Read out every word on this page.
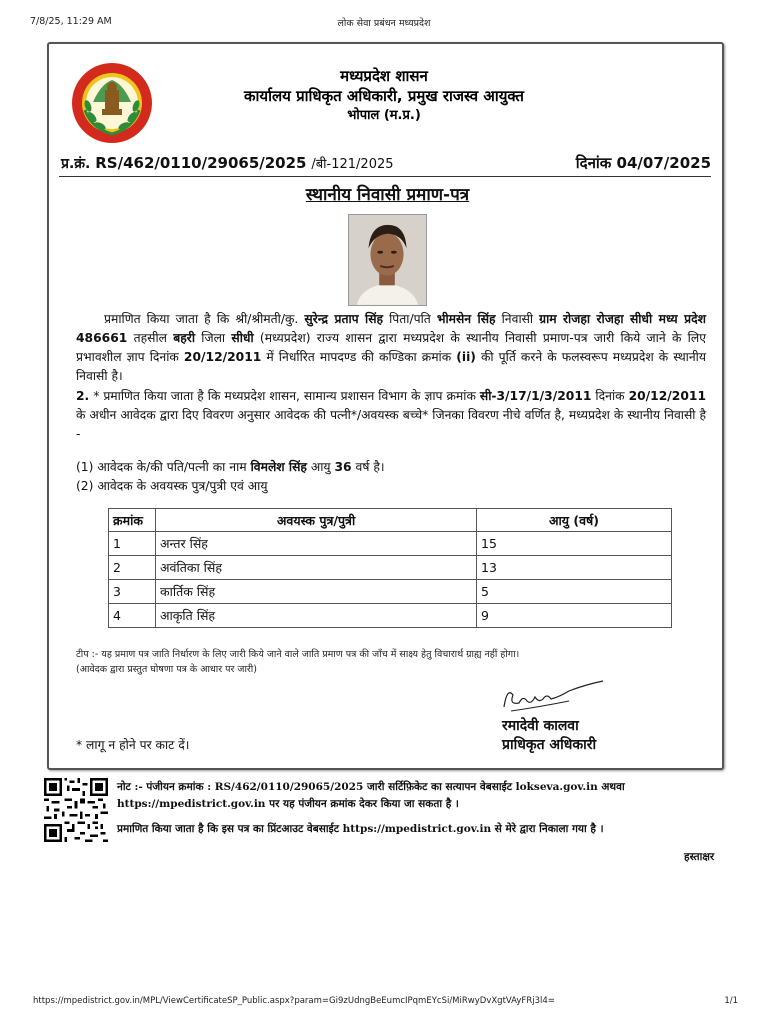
7/8/25, 11:29 AM	लोक सेवा प्रबंधन मध्यप्रदेश
मध्यप्रदेश शासन
कार्यालय प्राधिकृत अधिकारी, प्रमुख राजस्व आयुक्त
भोपाल (म.प्र.)
प्र.क्रं. RS/462/0110/29065/2025 /बी-121/2025	दिनांक 04/07/2025
स्थानीय निवासी प्रमाण-पत्र
प्रमाणित किया जाता है कि श्री/श्रीमती/कु. सुरेन्द्र प्रताप सिंह पिता/पति भीमसेन सिंह निवासी ग्राम रोजहा रोजहा सीधी मध्य प्रदेश 486661 तहसील बहरी जिला सीधी (मध्यप्रदेश) राज्य शासन द्वारा मध्यप्रदेश के स्थानीय निवासी प्रमाण-पत्र जारी किये जाने के लिए प्रभावशील ज्ञाप दिनांक 20/12/2011 में निर्धारित मापदण्ड की कण्डिका क्रमांक (ii) की पूर्ति करने के फलस्वरूप मध्यप्रदेश के स्थानीय निवासी है।
2. * प्रमाणित किया जाता है कि मध्यप्रदेश शासन, सामान्य प्रशासन विभाग के ज्ञाप क्रमांक सी-3/17/1/3/2011 दिनांक 20/12/2011 के अधीन आवेदक द्वारा दिए विवरण अनुसार आवेदक की पत्नी*/अवयस्क बच्चे* जिनका विवरण नीचे वर्णित है, मध्यप्रदेश के स्थानीय निवासी है -
(1) आवेदक के/की पति/पत्नी का नाम विमलेश सिंह आयु 36 वर्ष है।
(2) आवेदक के अवयस्क पुत्र/पुत्री एवं आयु
क्रमांक	अवयस्क पुत्र/पुत्री	आयु (वर्ष)
1	अन्तर सिंह	15
2	अवंतिका सिंह	13
3	कार्तिक सिंह	5
4	आकृति सिंह	9
टीप :- यह प्रमाण पत्र जाति निर्धारण के लिए जारी किये जाने वाले जाति प्रमाण पत्र की जाँच में साक्ष्य हेतु विचारार्थ ग्राह्य नहीं होगा।
(आवेदक द्वारा प्रस्तुत घोषणा पत्र के आधार पर जारी)
रमादेवी कालवा
प्राधिकृत अधिकारी
* लागू न होने पर काट दें।
नोट :- पंजीयन क्रमांक : RS/462/0110/29065/2025 जारी सर्टिफ़िकेट का सत्यापन वेबसाईट lokseva.gov.in अथवा
https://mpedistrict.gov.in पर यह पंजीयन क्रमांक देकर किया जा सकता है ।
प्रमाणित किया जाता है कि इस पत्र का प्रिंटआउट वेबसाईट https://mpedistrict.gov.in से मेरे द्वारा निकाला गया है ।
हस्ताक्षर
https://mpedistrict.gov.in/MPL/ViewCertificateSP_Public.aspx?param=Gi9zUdngBeEumcIPqmEYcSi/MiRwyDvXgtVAyFRj3l4=	1/1
